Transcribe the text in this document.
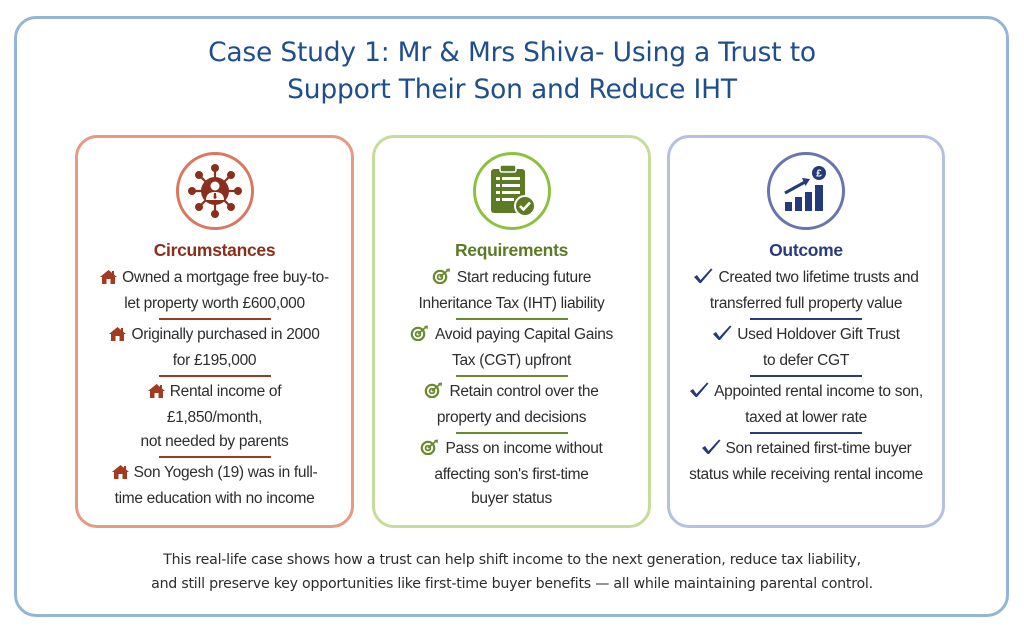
Case Study 1: Mr & Mrs Shiva- Using a Trust to
Support Their Son and Reduce IHT
Circumstances
Owned a mortgage free buy-to-
let property worth £600,000
Originally purchased in 2000
for £195,000
Rental income of
£1,850/month,
not needed by parents
Son Yogesh (19) was in full-
time education with no income
Requirements
Start reducing future
Inheritance Tax (IHT) liability
Avoid paying Capital Gains
Tax (CGT) upfront
Retain control over the
property and decisions
Pass on income without
affecting son's first-time
buyer status
£
Outcome
Created two lifetime trusts and
transferred full property value
Used Holdover Gift Trust
to defer CGT
Appointed rental income to son,
taxed at lower rate
Son retained first-time buyer
status while receiving rental income

This real-life case shows how a trust can help shift income to the next generation, reduce tax liability,
and still preserve key opportunities like first-time buyer benefits — all while maintaining parental control.
